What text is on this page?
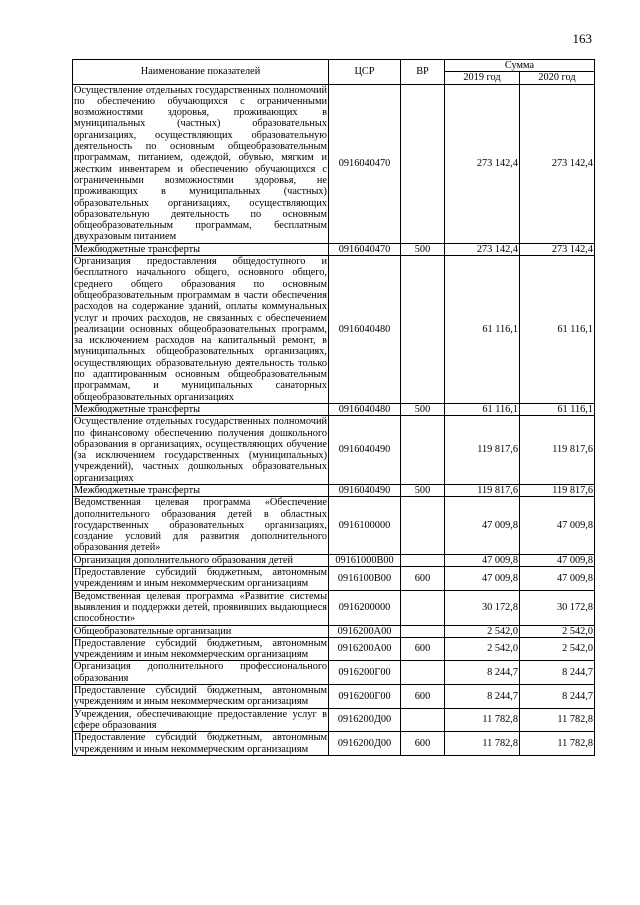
163
Наименование показателей	ЦСР	ВР	Сумма	
			2019 год	2020 год
Осуществление отдельных государственных полномочий по обеспечению обучающихся с ограниченными возможностями здоровья, проживающих в муниципальных (частных) образовательных организациях, осуществляющих образовательную деятельность по основным общеобразовательным программам, питанием, одеждой, обувью, мягким и жестким инвентарем и обеспечению обучающихся с ограниченными возможностями здоровья, не проживающих в муниципальных (частных) образовательных организациях, осуществляющих образовательную деятельность по основным общеобразовательным программам, бесплатным двухразовым питанием	0916040470		273 142,4	273 142,4
Межбюджетные трансферты	0916040470	500	273 142,4	273 142,4
Организация предоставления общедоступного и бесплатного начального общего, основного общего, среднего общего образования по основным общеобразовательным программам в части обеспечения расходов на содержание зданий, оплаты коммунальных услуг и прочих расходов, не связанных с обеспечением реализации основных общеобразовательных программ, за исключением расходов на капитальный ремонт, в муниципальных общеобразовательных организациях, осуществляющих образовательную деятельность только по адаптированным основным общеобразовательным программам, и муниципальных санаторных общеобразовательных организациях	0916040480		61 116,1	61 116,1
Межбюджетные трансферты	0916040480	500	61 116,1	61 116,1
Осуществление отдельных государственных полномочий по финансовому обеспечению получения дошкольного образования в организациях, осуществляющих обучение (за исключением государственных (муниципальных) учреждений), частных дошкольных образовательных организациях	0916040490		119 817,6	119 817,6
Межбюджетные трансферты	0916040490	500	119 817,6	119 817,6
Ведомственная целевая программа «Обеспечение дополнительного образования детей в областных государственных образовательных организациях, создание условий для развития дополнительного образования детей»	0916100000		47 009,8	47 009,8
Организация дополнительного образования детей	09161000В00		47 009,8	47 009,8
Предоставление субсидий бюджетным, автономным учреждениям и иным некоммерческим организациям	0916100В00	600	47 009,8	47 009,8
Ведомственная целевая программа «Развитие системы выявления и поддержки детей, проявивших выдающиеся способности»	0916200000		30 172,8	30 172,8
Общеобразовательные организации	0916200А00		2 542,0	2 542,0
Предоставление субсидий бюджетным, автономным учреждениям и иным некоммерческим организациям	0916200А00	600	2 542,0	2 542,0
Организация дополнительного профессионального образования	0916200Г00		8 244,7	8 244,7
Предоставление субсидий бюджетным, автономным учреждениям и иным некоммерческим организациям	0916200Г00	600	8 244,7	8 244,7
Учреждения, обеспечивающие предоставление услуг в сфере образования	0916200Д00		11 782,8	11 782,8
Предоставление субсидий бюджетным, автономным учреждениям и иным некоммерческим организациям	0916200Д00	600	11 782,8	11 782,8
